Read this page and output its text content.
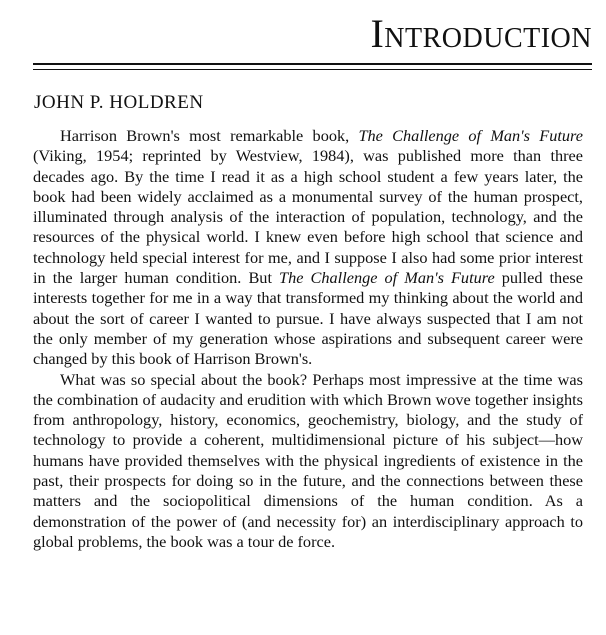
Introduction
JOHN P. HOLDREN

Harrison Brown's most remarkable book, The Challenge of Man's Future (Viking, 1954; reprinted by Westview, 1984), was published more than three decades ago. By the time I read it as a high school student a few years later, the book had been widely acclaimed as a monumental survey of the human prospect, illuminated through analysis of the interaction of population, technology, and the resources of the physical world. I knew even before high school that science and technology held special interest for me, and I suppose I also had some prior interest in the larger human condition. But The Challenge of Man's Future pulled these interests together for me in a way that transformed my thinking about the world and about the sort of career I wanted to pursue. I have always suspected that I am not the only member of my generation whose aspirations and subsequent career were changed by this book of Harrison Brown's.

What was so special about the book? Perhaps most impressive at the time was the combination of audacity and erudition with which Brown wove together insights from anthropology, history, economics, geochemistry, biology, and the study of technology to provide a coherent, multidimensional picture of his subject—how humans have provided themselves with the physical ingredients of existence in the past, their prospects for doing so in the future, and the connections between these matters and the sociopolitical dimensions of the human condition. As a demonstration of the power of (and necessity for) an interdisciplinary approach to global problems, the book was a tour de force.
